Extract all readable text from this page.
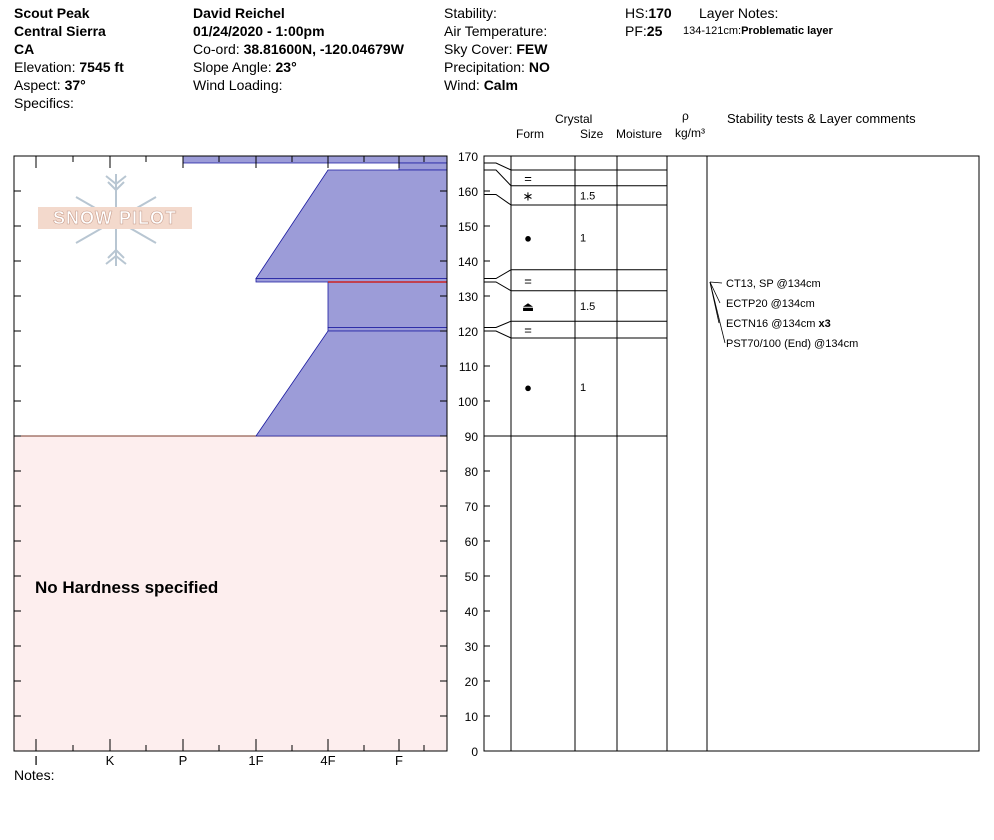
Scout Peak
Central Sierra
CA
Elevation: 7545 ft
Aspect: 37°
Specifics:
David Reichel
01/24/2020 - 1:00pm
Co-ord: 38.81600N, -120.04679W
Slope Angle: 23°
Wind Loading:
Stability:
Air Temperature:
Sky Cover: FEW
Precipitation: NO
Wind: Calm
HS:170
PF:25
Layer Notes:
134-121cm:Problematic layer
Crystal
Form	Size Moisture
ρ
kg/m³
Stability tests & Layer comments
I	K	P	1F	4F	F
0
10
20
30
40
50
60
70
80
90
100
110
120
130
140
150
160
170
=
∗	1.5
●	1
=
⏏	1.5
=
●	1
SNOW PILOT
No Hardness specified
Notes:
CT13, SP @134cm
ECTP20 @134cm
ECTN16 @134cm x3
PST70/100 (End) @134cm
